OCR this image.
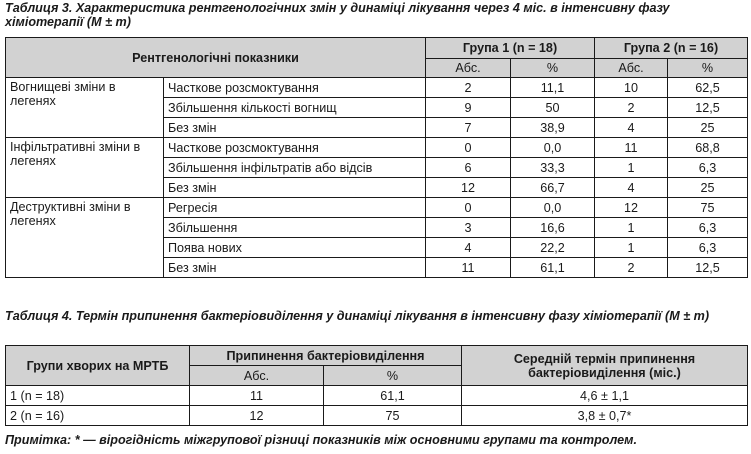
Таблиця 3. Характеристика рентгенологічних змін у динаміці лікування через 4 міс. в інтенсивну фазу хіміотерапії (M ± m)
Рентгенологічні показники		Група 1 (n = 18)		Група 2 (n = 16)	
		Абс.	%	Абс.	%
Вогнищеві зміни в легенях	Часткове розсмоктування	2	11,1	10	62,5
	Збільшення кількості вогнищ	9	50	2	12,5
	Без змін	7	38,9	4	25
Інфільтративні зміни в легенях	Часткове розсмоктування	0	0,0	11	68,8
	Збільшення інфільтратів або відсів	6	33,3	1	6,3
	Без змін	12	66,7	4	25
Деструктивні зміни в легенях	Регресія	0	0,0	12	75
	Збільшення	3	16,6	1	6,3
	Поява нових	4	22,2	1	6,3
	Без змін	11	61,1	2	12,5
Таблиця 4. Термін припинення бактеріовиділення у динаміці лікування в інтенсивну фазу хіміотерапії (M ± m)
Групи хворих на МРТБ	Припинення бактеріовиділення		Середній термін припинення бактеріовиділення (міс.)
	Абс.	%	
1 (n = 18)	11	61,1	4,6 ± 1,1
2 (n = 16)	12	75	3,8 ± 0,7*
Примітка: * — вірогідність міжгрупової різниці показників між основними групами та контролем.
